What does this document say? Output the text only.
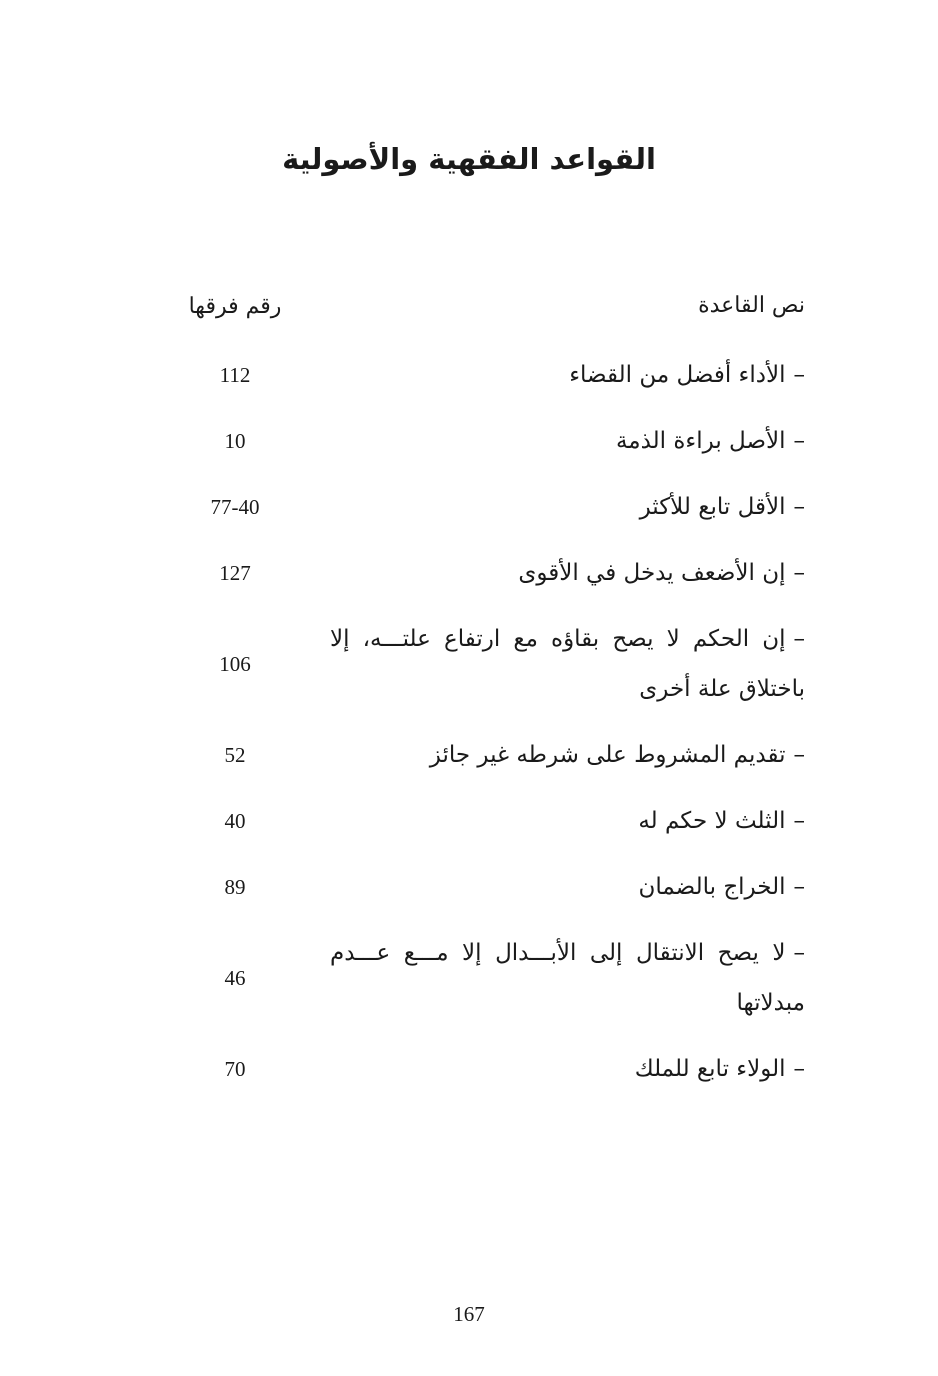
القواعد الفقهية والأصولية
نص القاعدة
رقم فرقها
–الأداء أفضل من القضاء
112
–الأصل براءة الذمة
10
–الأقل تابع للأكثر
77-40
–إن الأضعف يدخل في الأقوى
127
–إن الحكم لا يصح بقاؤه مع ارتفاع علتـــه، إلا باختلاق علة أخرى
106
–تقديم المشروط على شرطه غير جائز
52
–الثلث لا حكم له
40
–الخراج بالضمان
89
–لا يصح الانتقال إلى الأبـــدال إلا مـــع عـــدم مبدلاتها
46
–الولاء تابع للملك
70
167
